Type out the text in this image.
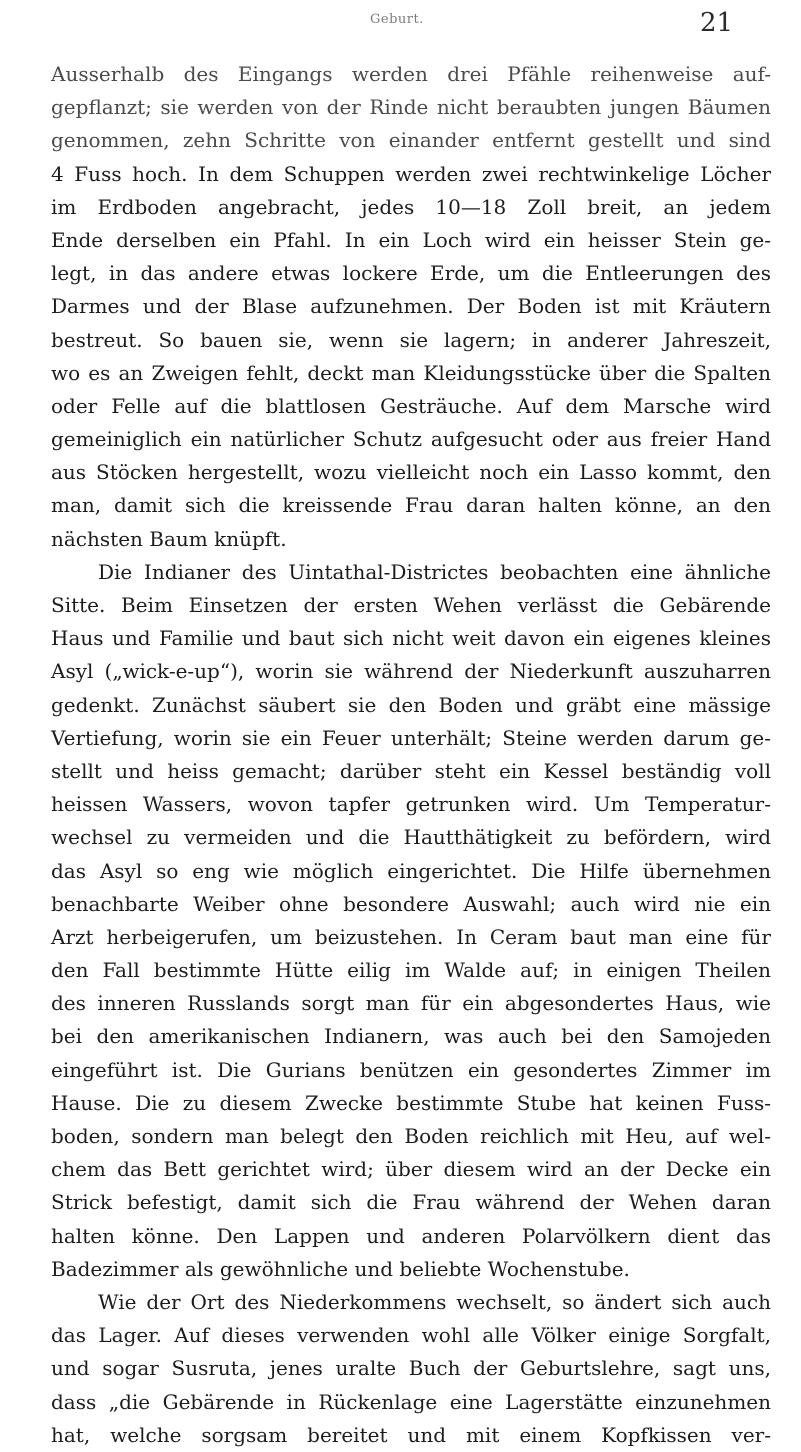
Geburt.	21
Ausserhalb des Eingangs werden drei Pfähle reihenweise auf-
gepflanzt; sie werden von der Rinde nicht beraubten jungen Bäumen
genommen, zehn Schritte von einander entfernt gestellt und sind
4 Fuss hoch. In dem Schuppen werden zwei rechtwinkelige Löcher
im Erdboden angebracht, jedes 10—18 Zoll breit, an jedem
Ende derselben ein Pfahl. In ein Loch wird ein heisser Stein ge-
legt, in das andere etwas lockere Erde, um die Entleerungen des
Darmes und der Blase aufzunehmen. Der Boden ist mit Kräutern
bestreut. So bauen sie, wenn sie lagern; in anderer Jahreszeit,
wo es an Zweigen fehlt, deckt man Kleidungsstücke über die Spalten
oder Felle auf die blattlosen Gesträuche. Auf dem Marsche wird
gemeiniglich ein natürlicher Schutz aufgesucht oder aus freier Hand
aus Stöcken hergestellt, wozu vielleicht noch ein Lasso kommt, den
man, damit sich die kreissende Frau daran halten könne, an den
nächsten Baum knüpft.
Die Indianer des Uintathal-Districtes beobachten eine ähnliche
Sitte. Beim Einsetzen der ersten Wehen verlässt die Gebärende
Haus und Familie und baut sich nicht weit davon ein eigenes kleines
Asyl („wick-e-up“), worin sie während der Niederkunft auszuharren
gedenkt. Zunächst säubert sie den Boden und gräbt eine mässige
Vertiefung, worin sie ein Feuer unterhält; Steine werden darum ge-
stellt und heiss gemacht; darüber steht ein Kessel beständig voll
heissen Wassers, wovon tapfer getrunken wird. Um Temperatur-
wechsel zu vermeiden und die Hautthätigkeit zu befördern, wird
das Asyl so eng wie möglich eingerichtet. Die Hilfe übernehmen
benachbarte Weiber ohne besondere Auswahl; auch wird nie ein
Arzt herbeigerufen, um beizustehen. In Ceram baut man eine für
den Fall bestimmte Hütte eilig im Walde auf; in einigen Theilen
des inneren Russlands sorgt man für ein abgesondertes Haus, wie
bei den amerikanischen Indianern, was auch bei den Samojeden
eingeführt ist. Die Gurians benützen ein gesondertes Zimmer im
Hause. Die zu diesem Zwecke bestimmte Stube hat keinen Fuss-
boden, sondern man belegt den Boden reichlich mit Heu, auf wel-
chem das Bett gerichtet wird; über diesem wird an der Decke ein
Strick befestigt, damit sich die Frau während der Wehen daran
halten könne. Den Lappen und anderen Polarvölkern dient das
Badezimmer als gewöhnliche und beliebte Wochenstube.
Wie der Ort des Niederkommens wechselt, so ändert sich auch
das Lager. Auf dieses verwenden wohl alle Völker einige Sorgfalt,
und sogar Susruta, jenes uralte Buch der Geburtslehre, sagt uns,
dass „die Gebärende in Rückenlage eine Lagerstätte einzunehmen
hat, welche sorgsam bereitet und mit einem Kopfkissen ver-
